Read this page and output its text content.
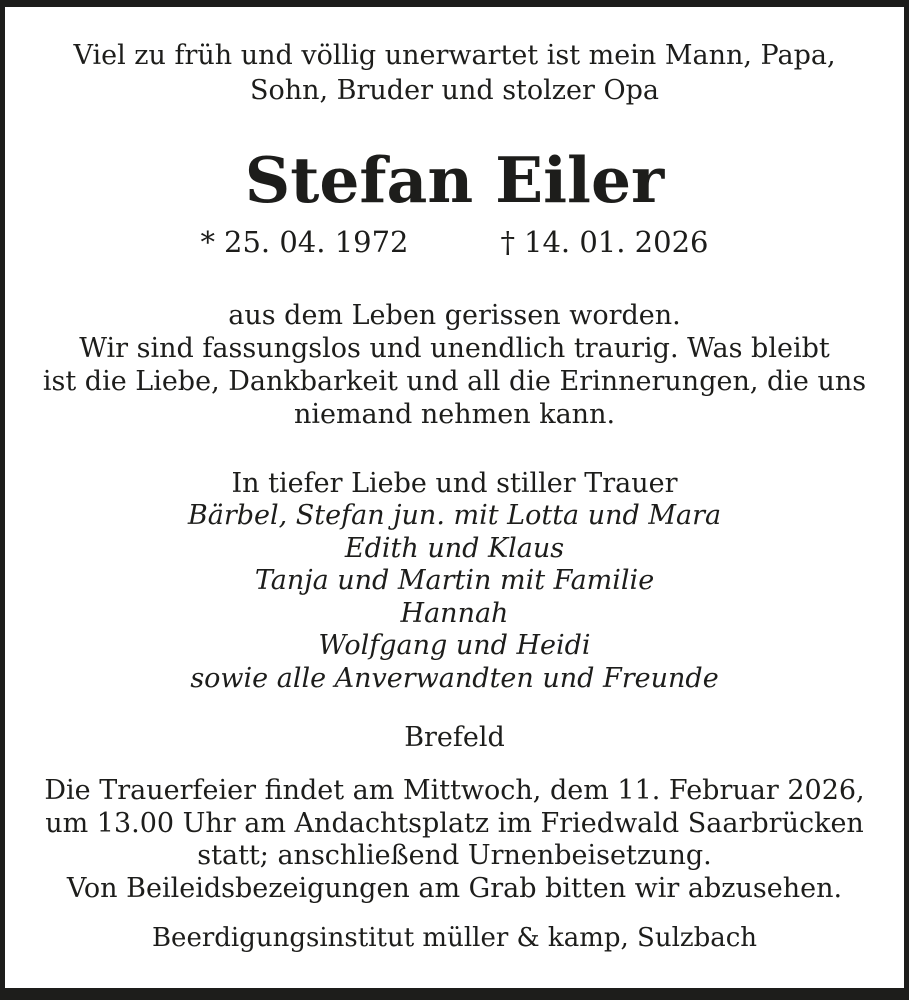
Viel zu früh und völlig unerwartet ist mein Mann, Papa,
Sohn, Bruder und stolzer Opa
Stefan Eiler
* 25. 04. 1972	† 14. 01. 2026
aus dem Leben gerissen worden.
Wir sind fassungslos und unendlich traurig. Was bleibt
ist die Liebe, Dankbarkeit und all die Erinnerungen, die uns
niemand nehmen kann.
In tiefer Liebe und stiller Trauer
Bärbel, Stefan jun. mit Lotta und Mara
Edith und Klaus
Tanja und Martin mit Familie
Hannah
Wolfgang und Heidi
sowie alle Anverwandten und Freunde
Brefeld
Die Trauerfeier findet am Mittwoch, dem 11. Februar 2026,
um 13.00 Uhr am Andachtsplatz im Friedwald Saarbrücken
statt; anschließend Urnenbeisetzung.
Von Beileidsbezeigungen am Grab bitten wir abzusehen.
Beerdigungsinstitut müller & kamp, Sulzbach
